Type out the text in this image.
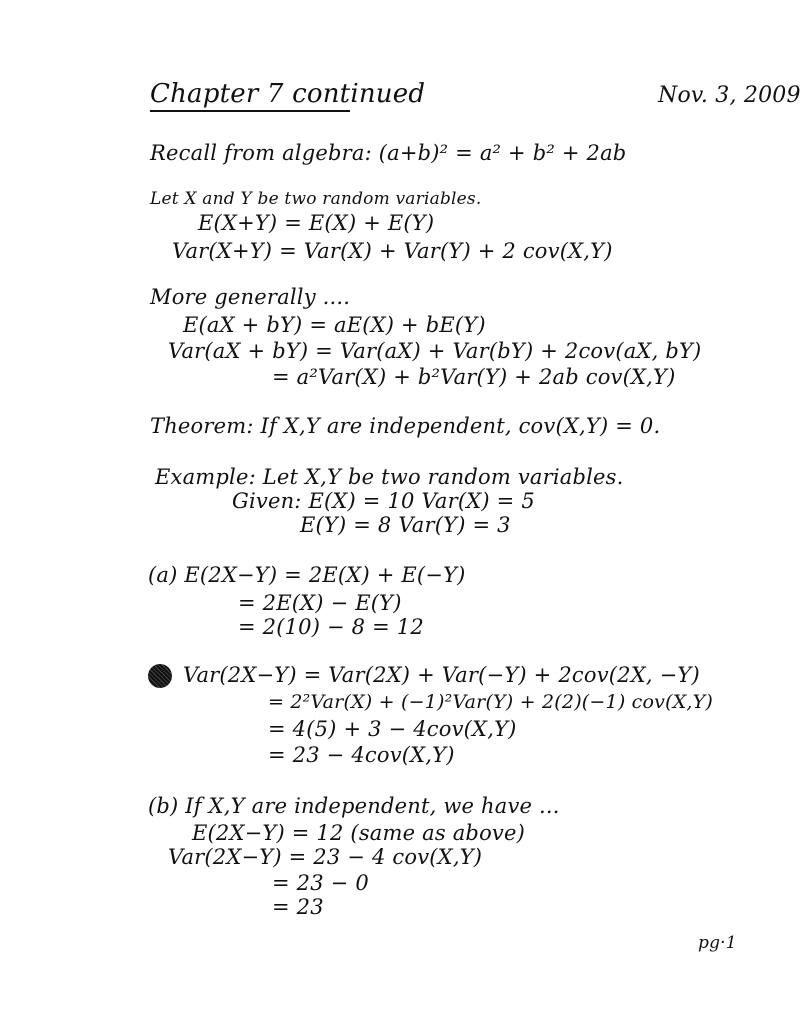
Chapter 7 continued	Nov. 3, 2009
Recall from algebra: (a+b)² = a² + b² + 2ab
Let X and Y be two random variables.
E(X+Y) = E(X) + E(Y)
Var(X+Y) = Var(X) + Var(Y) + 2 cov(X,Y)
More generally ....
E(aX + bY) = aE(X) + bE(Y)
Var(aX + bY) = Var(aX) + Var(bY) + 2cov(aX, bY)
= a²Var(X) + b²Var(Y) + 2ab cov(X,Y)
Theorem: If X,Y are independent, cov(X,Y) = 0.
Example: Let X,Y be two random variables.
Given: E(X) = 10 Var(X) = 5
E(Y) = 8 Var(Y) = 3
(a) E(2X−Y) = 2E(X) + E(−Y)
= 2E(X) − E(Y)
= 2(10) − 8 = 12
Var(2X−Y) = Var(2X) + Var(−Y) + 2cov(2X, −Y)
= 2²Var(X) + (−1)²Var(Y) + 2(2)(−1) cov(X,Y)
= 4(5) + 3 − 4cov(X,Y)
= 23 − 4cov(X,Y)
(b) If X,Y are independent, we have ...
E(2X−Y) = 12 (same as above)
Var(2X−Y) = 23 − 4 cov(X,Y)
= 23 − 0
= 23
pg·1
